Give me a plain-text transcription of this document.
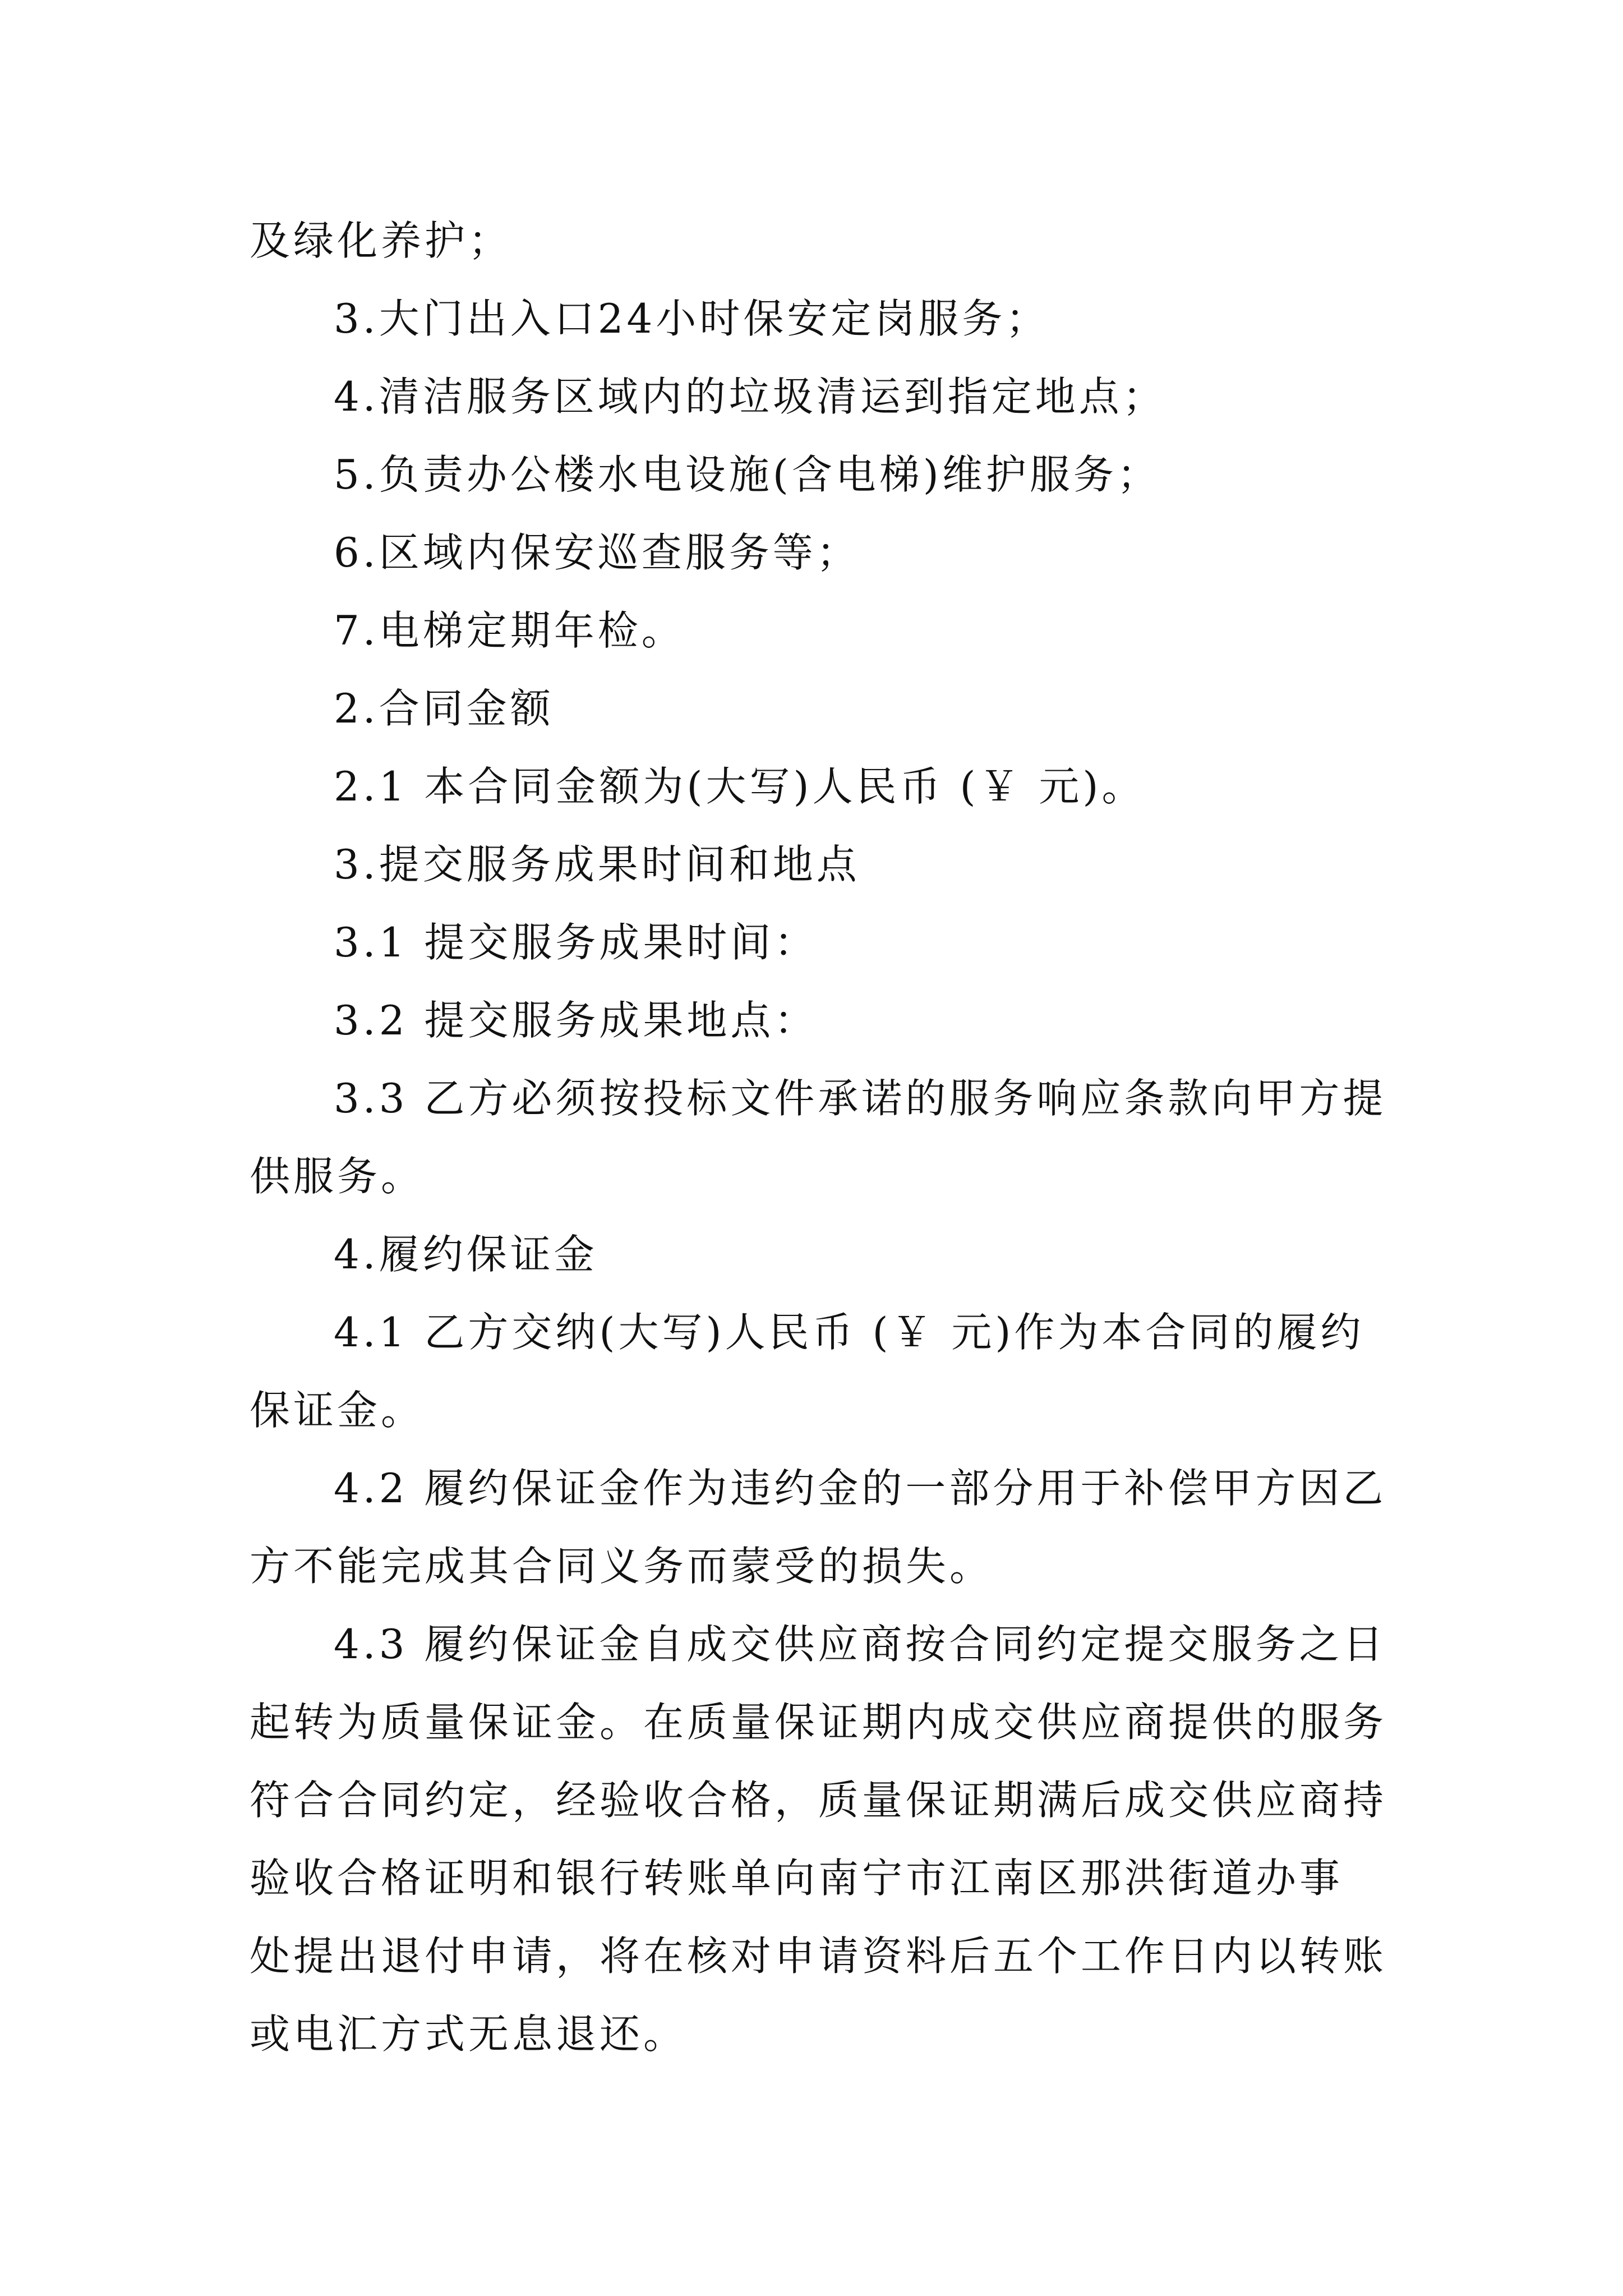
及绿化养护；
3.大门出入口24小时保安定岗服务；
4.清洁服务区域内的垃圾清运到指定地点；
5.负责办公楼水电设施(含电梯)维护服务；
6.区域内保安巡查服务等；
7.电梯定期年检。
2.合同金额
2.1 本合同金额为(大写)人民币 (￥ 元)。
3.提交服务成果时间和地点
3.1 提交服务成果时间：
3.2 提交服务成果地点：
3.3 乙方必须按投标文件承诺的服务响应条款向甲方提
供服务。
4.履约保证金
4.1 乙方交纳(大写)人民币 (￥ 元)作为本合同的履约
保证金。
4.2 履约保证金作为违约金的一部分用于补偿甲方因乙
方不能完成其合同义务而蒙受的损失。
4.3 履约保证金自成交供应商按合同约定提交服务之日
起转为质量保证金。在质量保证期内成交供应商提供的服务
符合合同约定，经验收合格，质量保证期满后成交供应商持
验收合格证明和银行转账单向南宁市江南区那洪街道办事
处提出退付申请，将在核对申请资料后五个工作日内以转账
或电汇方式无息退还。
